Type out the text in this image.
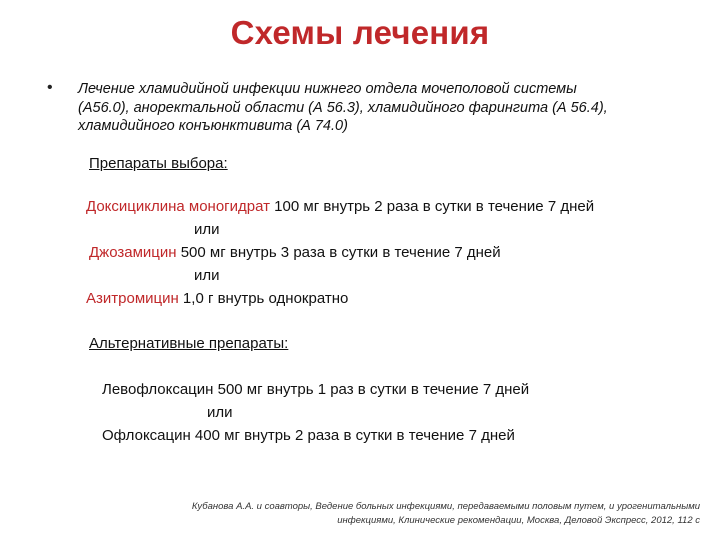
Схемы лечения
• Лечение хламидийной инфекции нижнего отдела мочеполовой системы
(А56.0), аноректальной области (А 56.3), хламидийного фарингита (А 56.4),
хламидийного конъюнктивита (А 74.0)
Препараты выбора:
Доксициклина моногидрат 100 мг внутрь 2 раза в сутки в течение 7 дней
или
Джозамицин 500 мг внутрь 3 раза в сутки в течение 7 дней
или
Азитромицин 1,0 г внутрь однократно
Альтернативные препараты:
Левофлоксацин 500 мг внутрь 1 раз в сутки в течение 7 дней
или
Офлоксацин 400 мг внутрь 2 раза в сутки в течение 7 дней
Кубанова А.А. и соавторы, Ведение больных инфекциями, передаваемыми половым путем, и урогенитальными
инфекциями, Клинические рекомендации, Москва, Деловой Экспресс, 2012, 112 с
